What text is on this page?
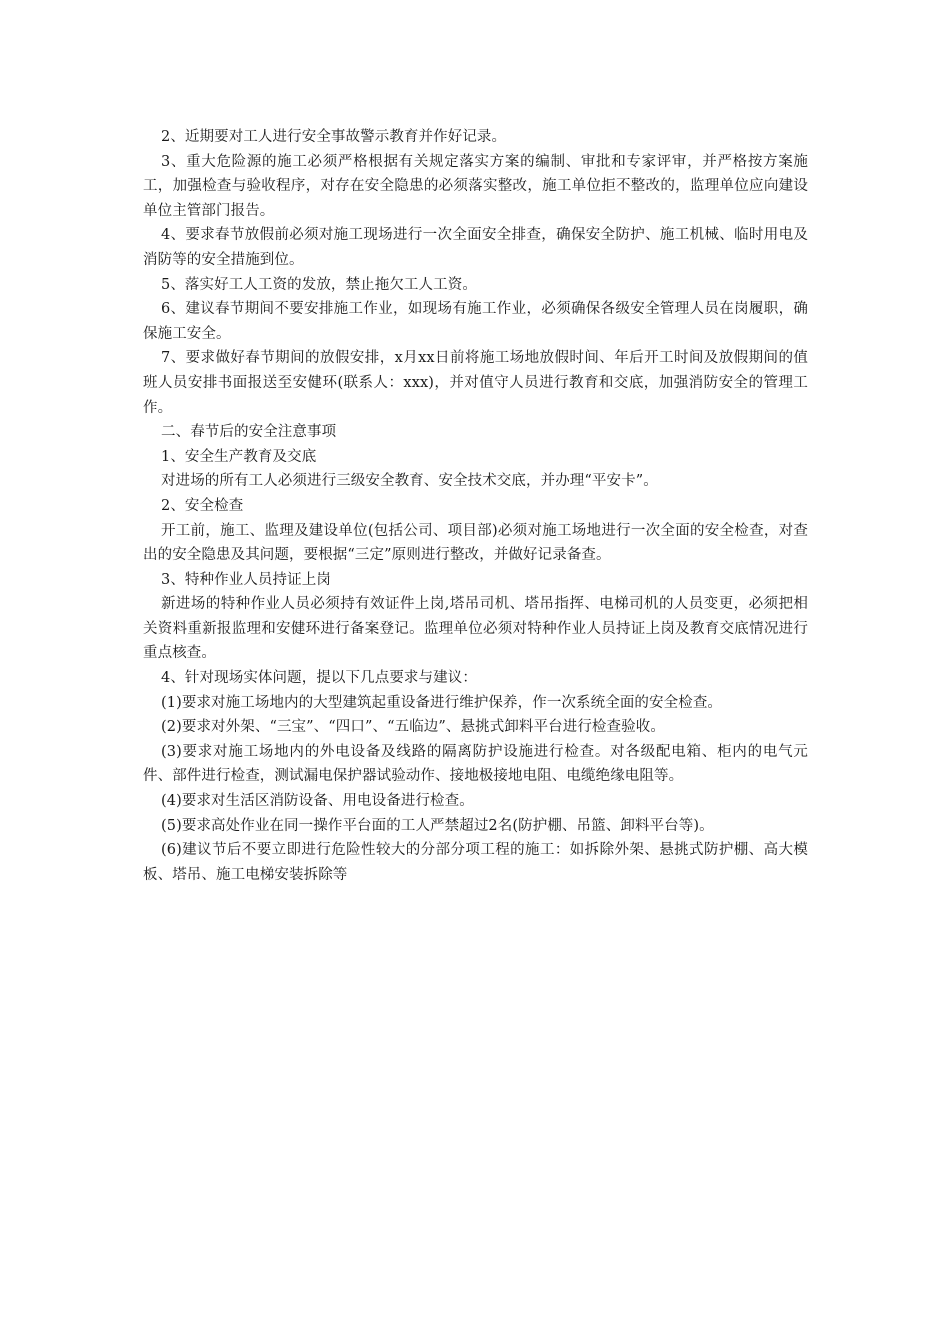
2、近期要对工人进行安全事故警示教育并作好记录。

3、重大危险源的施工必须严格根据有关规定落实方案的编制、审批和专家评审，并严格按方案施工，加强检查与验收程序，对存在安全隐患的必须落实整改，施工单位拒不整改的，监理单位应向建设单位主管部门报告。

4、要求春节放假前必须对施工现场进行一次全面安全排查，确保安全防护、施工机械、临时用电及消防等的安全措施到位。

5、落实好工人工资的发放，禁止拖欠工人工资。

6、建议春节期间不要安排施工作业，如现场有施工作业，必须确保各级安全管理人员在岗履职，确保施工安全。

7、要求做好春节期间的放假安排，x月xx日前将施工场地放假时间、年后开工时间及放假期间的值班人员安排书面报送至安健环(联系人：xxx)，并对值守人员进行教育和交底，加强消防安全的管理工作。

二、春节后的安全注意事项

1、安全生产教育及交底

对进场的所有工人必须进行三级安全教育、安全技术交底，并办理“平安卡”。

2、安全检查

开工前，施工、监理及建设单位(包括公司、项目部)必须对施工场地进行一次全面的安全检查，对查出的安全隐患及其问题，要根据“三定”原则进行整改，并做好记录备查。

3、特种作业人员持证上岗

新进场的特种作业人员必须持有效证件上岗,塔吊司机、塔吊指挥、电梯司机的人员变更，必须把相关资料重新报监理和安健环进行备案登记。监理单位必须对特种作业人员持证上岗及教育交底情况进行重点核查。

4、针对现场实体问题，提以下几点要求与建议：

(1)要求对施工场地内的大型建筑起重设备进行维护保养，作一次系统全面的安全检查。

(2)要求对外架、“三宝”、“四口”、“五临边”、悬挑式卸料平台进行检查验收。

(3)要求对施工场地内的外电设备及线路的隔离防护设施进行检查。对各级配电箱、柜内的电气元件、部件进行检查，测试漏电保护器试验动作、接地极接地电阻、电缆绝缘电阻等。

(4)要求对生活区消防设备、用电设备进行检查。

(5)要求高处作业在同一操作平台面的工人严禁超过2名(防护棚、吊篮、卸料平台等)。

(6)建议节后不要立即进行危险性较大的分部分项工程的施工：如拆除外架、悬挑式防护棚、高大模板、塔吊、施工电梯安装拆除等
